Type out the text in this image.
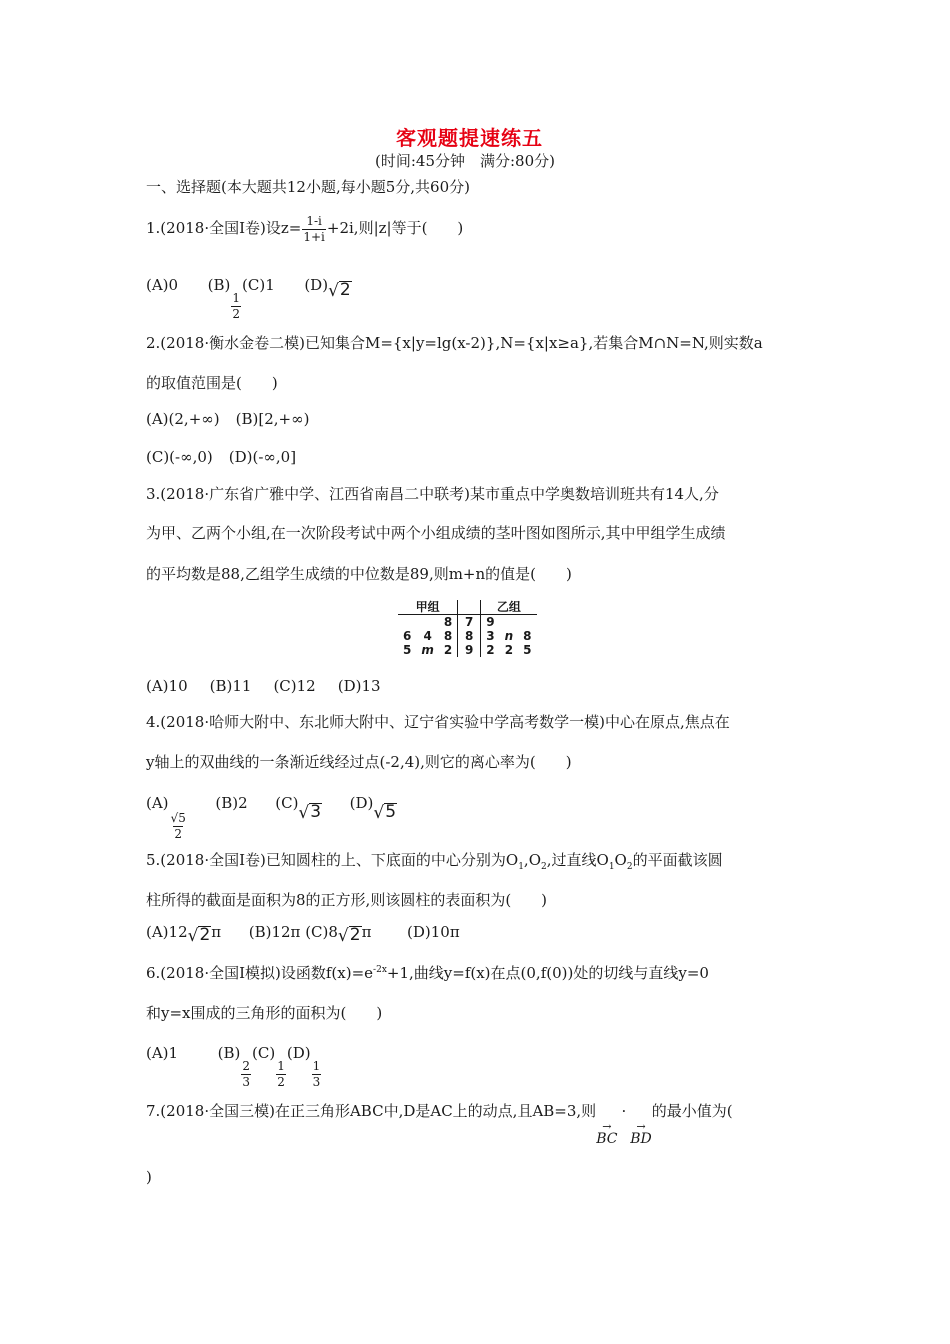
客观题提速练五
(时间:45分钟　满分:80分)
一、选择题(本大题共12小题,每小题5分,共60分)
1.(2018·全国Ⅰ卷)设$z= \frac{1-i}{1+i} +2i$,则|z|等于(　　)
(A)0 (B)
$\frac{1}{2}$
(C)1 (D) √ 2
2.(2018·衡水金卷二模)已知集合M={x|y=lg(x-2)},N={x|x≥a},若集合M∩N=N,则实数a
的取值范围是(　　)
(A)(2,+∞) (B)[2,+∞)
(C)(-∞,0) (D)(-∞,0]
3.(2018·广东省广雅中学、江西省南昌二中联考)某市重点中学奥数培训班共有14人,分
为甲、乙两个小组,在一次阶段考试中两个小组成绩的茎叶图如图所示,其中甲组学生成绩
的平均数是88,乙组学生成绩的中位数是89,则m+n的值是(　　)
甲组				乙组		
		8	7	9		
6	4	8	8	3	n	8
5	m	2	9	2	2	5
(A)10 (B)11 (C)12 (D)13
4.(2018·哈师大附中、东北师大附中、辽宁省实验中学高考数学一模)中心在原点,焦点在
y轴上的双曲线的一条渐近线经过点(-2,4),则它的离心率为(　　)
(A)
$\frac{√5}{2}$
(B)2 (C) √ 3 (D) √ 5
5.(2018·全国Ⅰ卷)已知圆柱的上、下底面的中心分别为$O_1,O_2$,过直线$O_1O_2$的平面截该圆
柱所得的截面是面积为8的正方形,则该圆柱的表面积为(　　)
(A)12 √ 2 π (B)12π (C)8 √ 2 π (D)10π
6.(2018·全国Ⅰ模拟)设函数$f(x)=e^{-2x}+1$,曲线y=f(x)在点(0,f(0))处的切线与直线y=0
和y=x围成的三角形的面积为(　　)
(A)1	(B)
$\frac{2}{3}$
(C)
$\frac{1}{2}$
(D)
$\frac{1}{3}$
7.(2018·全国三模)在正三角形ABC中,D是AC上的动点,且AB=3,则
→
BC
·
→
BD
的最小值为(
)
